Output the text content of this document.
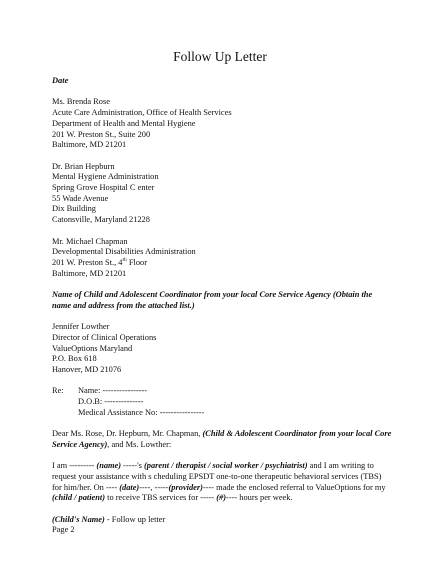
Follow Up Letter
Date
Ms. Brenda Rose
Acute Care Administration, Office of Health Services
Department of Health and Mental Hygiene
201 W. Preston St., Suite 200
Baltimore, MD 21201
Dr. Brian Hepburn
Mental Hygiene Administration
Spring Grove Hospital C enter
55 Wade Avenue
Dix Building
Catonsville, Maryland 21228
Mr. Michael Chapman
Developmental Disabilities Administration
201 W. Preston St., 4th Floor
Baltimore, MD 21201
Name of Child and Adolescent Coordinator from your local Core Service Agency (Obtain the name and address from the attached list.)
Jennifer Lowther
Director of Clinical Operations
ValueOptions Maryland
P.O. Box 618
Hanover, MD 21076
Re:	Name: ----------------
D.O.B: --------------
Medical Assistance No: ----------------
Dear Ms. Rose, Dr. Hepburn, Mr. Chapman, (Child & Adolescent Coordinator from your local Core Service Agency), and Ms. Lowther:
I am --------- (name) -----'s (parent / therapist / social worker / psychiatrist) and I am writing to request your assistance with s cheduling EPSDT one-to-one therapeutic behavioral services (TBS) for him/her. On ---- (date)----, -----(provider)---- made the enclosed referral to ValueOptions for my (child / patient) to receive TBS services for ----- (#)---- hours per week.
(Child's Name) - Follow up letter
Page 2
